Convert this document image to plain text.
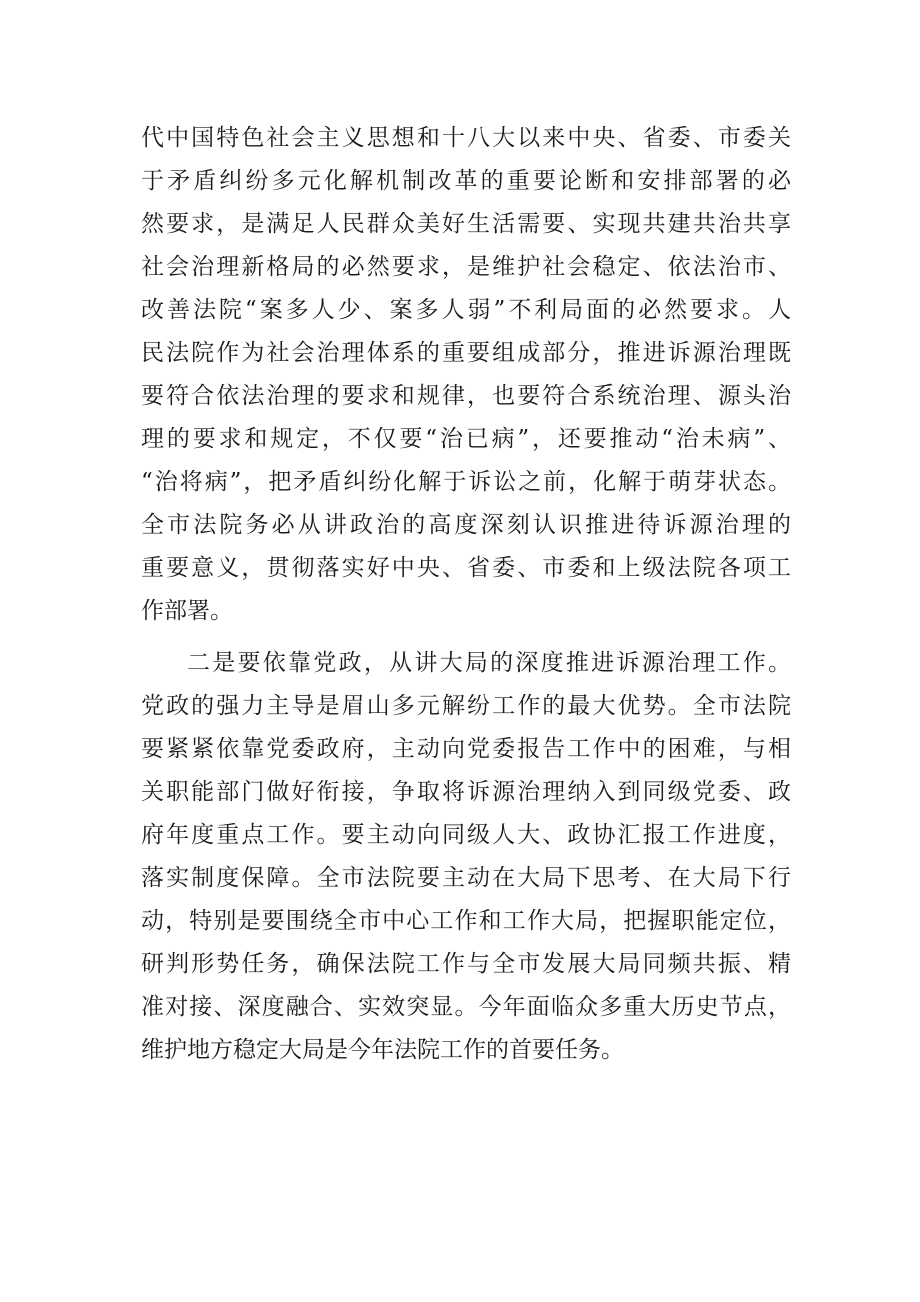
代中国特色社会主义思想和十八大以来中央、省委、市委关
于矛盾纠纷多元化解机制改革的重要论断和安排部署的必
然要求，是满足人民群众美好生活需要、实现共建共治共享
社会治理新格局的必然要求，是维护社会稳定、依法治市、
改善法院“案多人少、案多人弱”不利局面的必然要求。人
民法院作为社会治理体系的重要组成部分，推进诉源治理既
要符合依法治理的要求和规律，也要符合系统治理、源头治
理的要求和规定，不仅要“治已病”，还要推动“治未病”、
“治将病”，把矛盾纠纷化解于诉讼之前，化解于萌芽状态。
全市法院务必从讲政治的高度深刻认识推进待诉源治理的
重要意义，贯彻落实好中央、省委、市委和上级法院各项工
作部署。
二是要依靠党政，从讲大局的深度推进诉源治理工作。
党政的强力主导是眉山多元解纷工作的最大优势。全市法院
要紧紧依靠党委政府，主动向党委报告工作中的困难，与相
关职能部门做好衔接，争取将诉源治理纳入到同级党委、政
府年度重点工作。要主动向同级人大、政协汇报工作进度，
落实制度保障。全市法院要主动在大局下思考、在大局下行
动，特别是要围绕全市中心工作和工作大局，把握职能定位，
研判形势任务，确保法院工作与全市发展大局同频共振、精
准对接、深度融合、实效突显。今年面临众多重大历史节点，
维护地方稳定大局是今年法院工作的首要任务。
